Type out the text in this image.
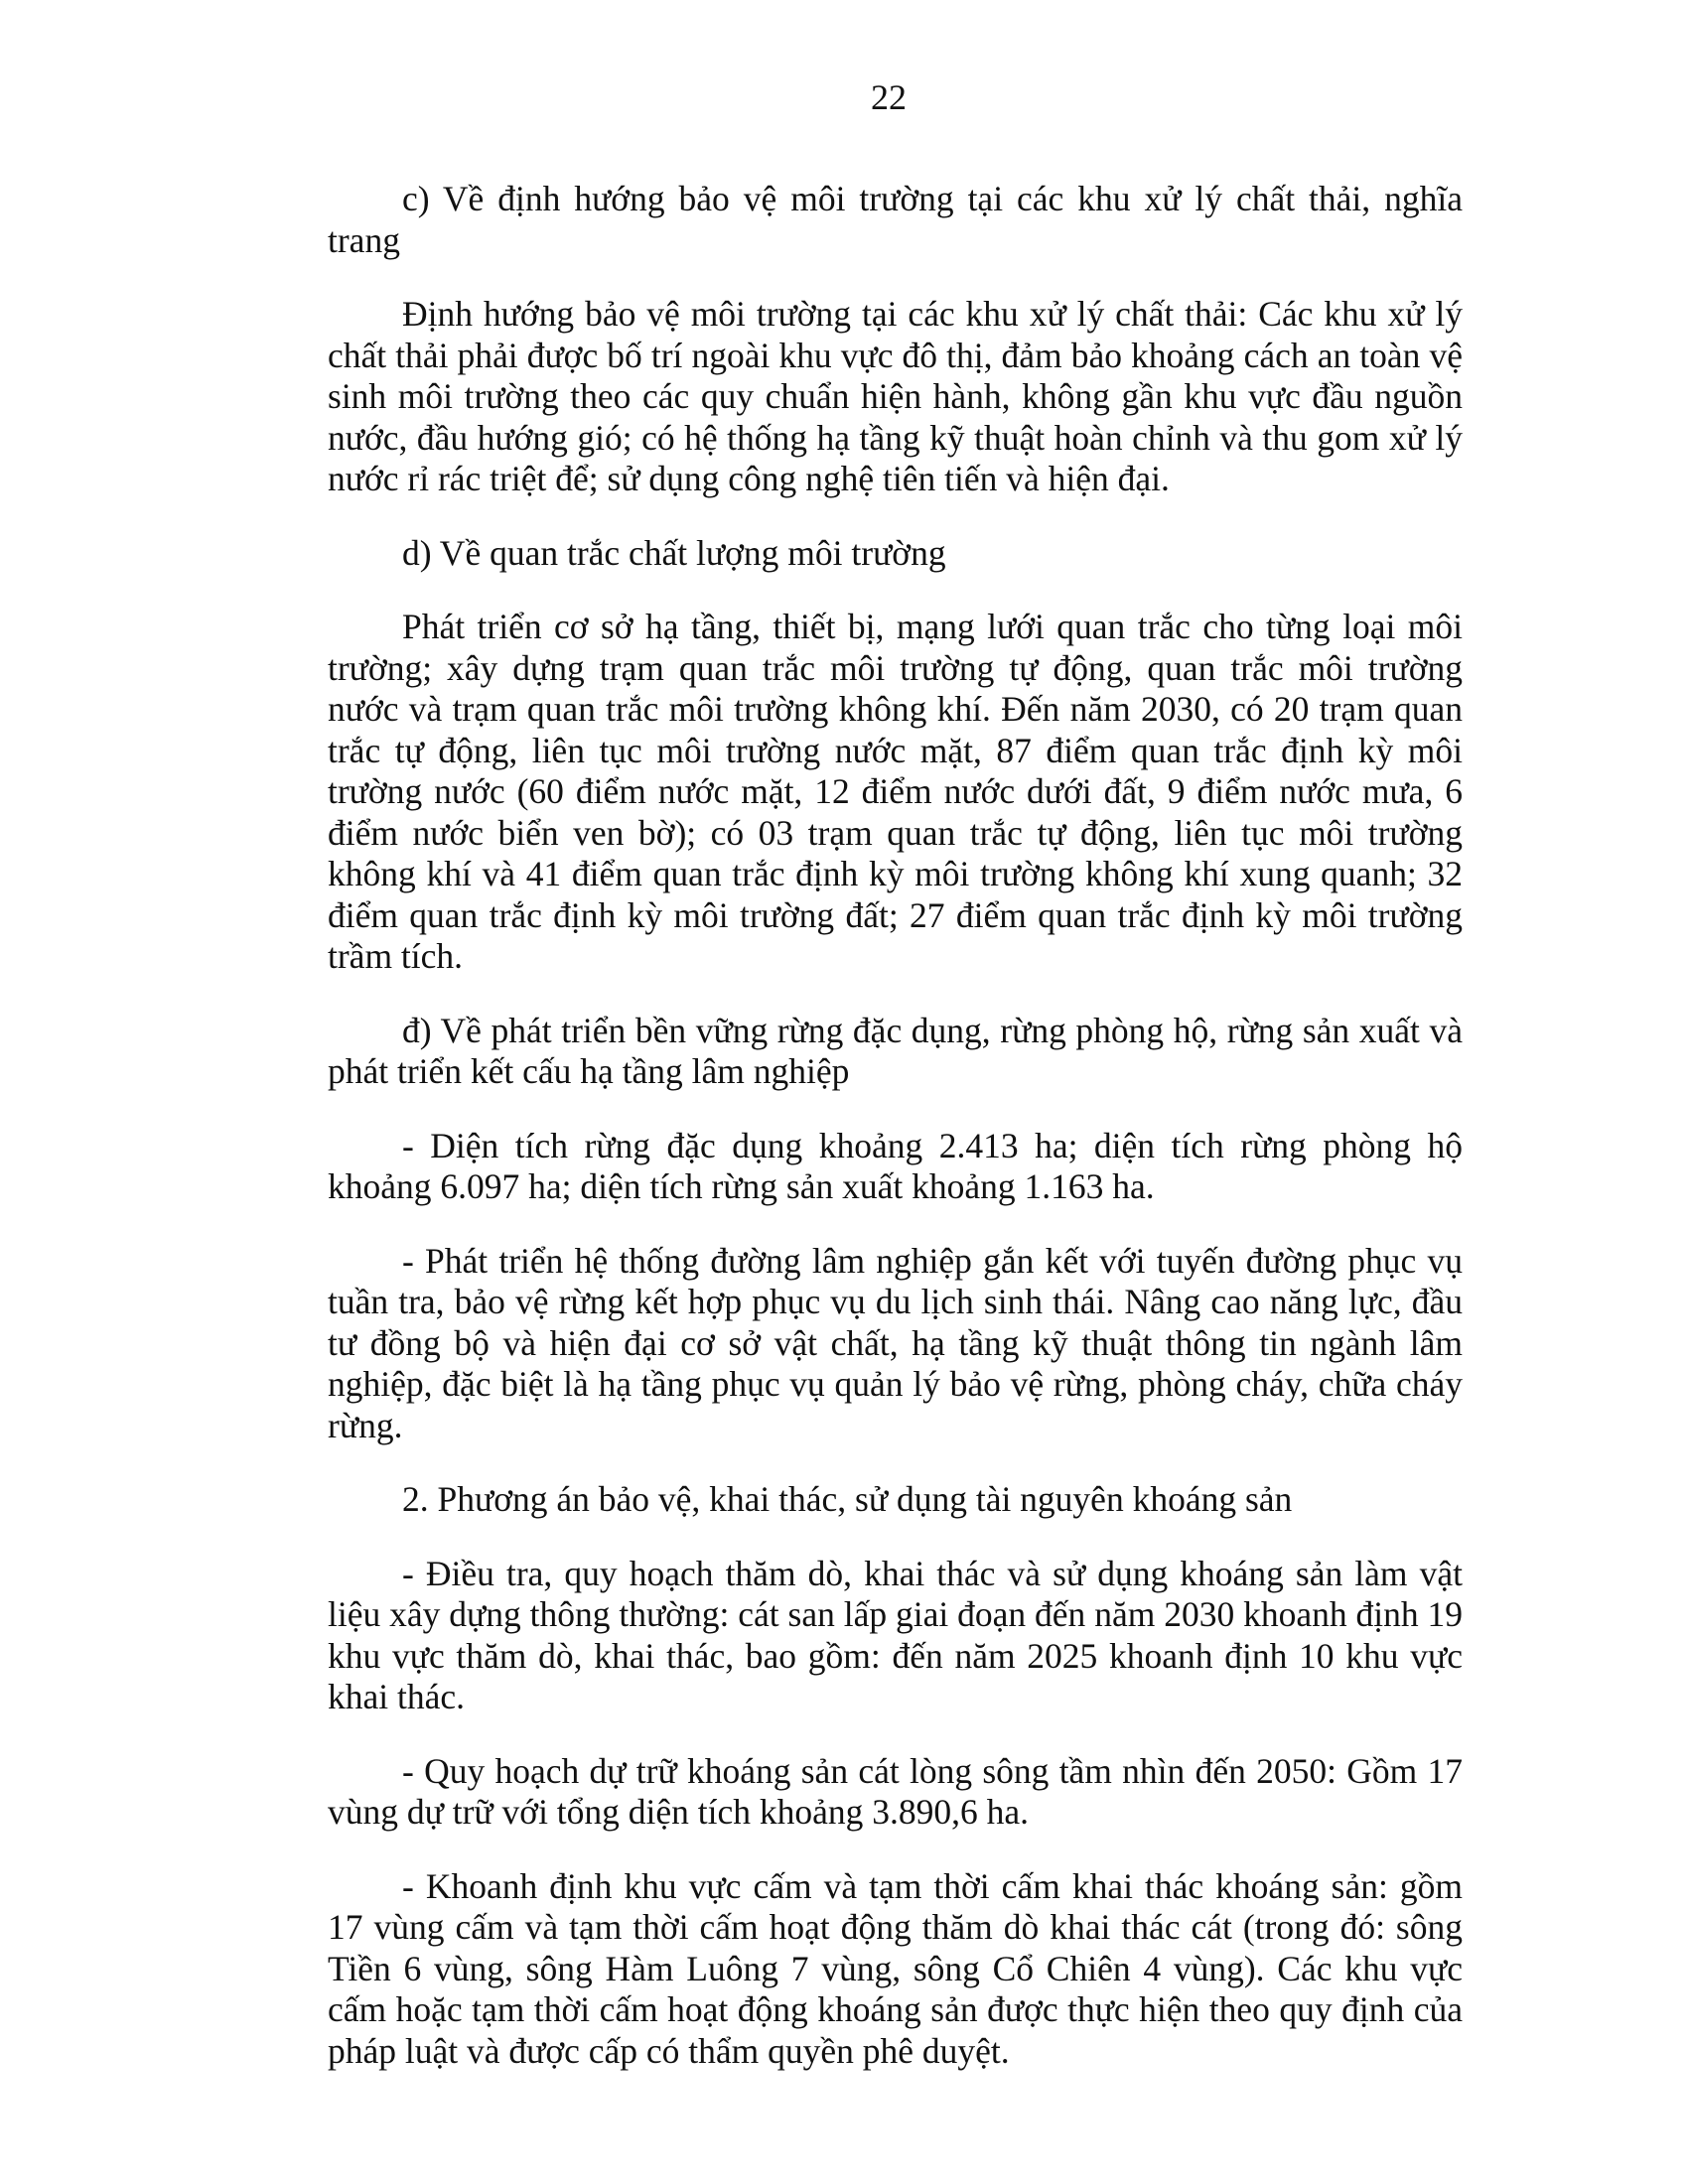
22

c) Về định hướng bảo vệ môi trường tại các khu xử lý chất thải, nghĩa trang

Định hướng bảo vệ môi trường tại các khu xử lý chất thải: Các khu xử lý chất thải phải được bố trí ngoài khu vực đô thị, đảm bảo khoảng cách an toàn vệ sinh môi trường theo các quy chuẩn hiện hành, không gần khu vực đầu nguồn nước, đầu hướng gió; có hệ thống hạ tầng kỹ thuật hoàn chỉnh và thu gom xử lý nước rỉ rác triệt để; sử dụng công nghệ tiên tiến và hiện đại.

d) Về quan trắc chất lượng môi trường

Phát triển cơ sở hạ tầng, thiết bị, mạng lưới quan trắc cho từng loại môi trường; xây dựng trạm quan trắc môi trường tự động, quan trắc môi trường nước và trạm quan trắc môi trường không khí. Đến năm 2030, có 20 trạm quan trắc tự động, liên tục môi trường nước mặt, 87 điểm quan trắc định kỳ môi trường nước (60 điểm nước mặt, 12 điểm nước dưới đất, 9 điểm nước mưa, 6 điểm nước biển ven bờ); có 03 trạm quan trắc tự động, liên tục môi trường không khí và 41 điểm quan trắc định kỳ môi trường không khí xung quanh; 32 điểm quan trắc định kỳ môi trường đất; 27 điểm quan trắc định kỳ môi trường trầm tích.

đ) Về phát triển bền vững rừng đặc dụng, rừng phòng hộ, rừng sản xuất và phát triển kết cấu hạ tầng lâm nghiệp

- Diện tích rừng đặc dụng khoảng 2.413 ha; diện tích rừng phòng hộ khoảng 6.097 ha; diện tích rừng sản xuất khoảng 1.163 ha.

- Phát triển hệ thống đường lâm nghiệp gắn kết với tuyến đường phục vụ tuần tra, bảo vệ rừng kết hợp phục vụ du lịch sinh thái. Nâng cao năng lực, đầu tư đồng bộ và hiện đại cơ sở vật chất, hạ tầng kỹ thuật thông tin ngành lâm nghiệp, đặc biệt là hạ tầng phục vụ quản lý bảo vệ rừng, phòng cháy, chữa cháy rừng.

2. Phương án bảo vệ, khai thác, sử dụng tài nguyên khoáng sản

- Điều tra, quy hoạch thăm dò, khai thác và sử dụng khoáng sản làm vật liệu xây dựng thông thường: cát san lấp giai đoạn đến năm 2030 khoanh định 19 khu vực thăm dò, khai thác, bao gồm: đến năm 2025 khoanh định 10 khu vực khai thác.

- Quy hoạch dự trữ khoáng sản cát lòng sông tầm nhìn đến 2050: Gồm 17 vùng dự trữ với tổng diện tích khoảng 3.890,6 ha.

- Khoanh định khu vực cấm và tạm thời cấm khai thác khoáng sản: gồm 17 vùng cấm và tạm thời cấm hoạt động thăm dò khai thác cát (trong đó: sông Tiền 6 vùng, sông Hàm Luông 7 vùng, sông Cổ Chiên 4 vùng). Các khu vực cấm hoặc tạm thời cấm hoạt động khoáng sản được thực hiện theo quy định của pháp luật và được cấp có thẩm quyền phê duyệt.
